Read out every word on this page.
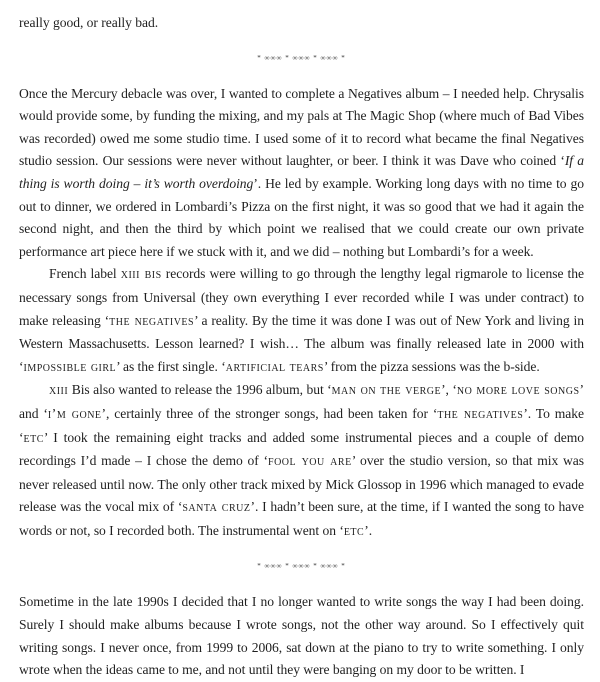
really good, or really bad.

* ∞∞∞ * ∞∞∞ * ∞∞∞ *

Once the Mercury debacle was over, I wanted to complete a Negatives album – I needed help. Chrysalis would provide some, by funding the mixing, and my pals at The Magic Shop (where much of Bad Vibes was recorded) owed me some studio time. I used some of it to record what became the final Negatives studio session. Our sessions were never without laughter, or beer. I think it was Dave who coined ‘If a thing is worth doing – it’s worth overdoing’. He led by example. Working long days with no time to go out to dinner, we ordered in Lombardi’s Pizza on the first night, it was so good that we had it again the second night, and then the third by which point we realised that we could create our own private performance art piece here if we stuck with it, and we did – nothing but Lombardi’s for a week.

French label xiii bis records were willing to go through the lengthy legal rigmarole to license the necessary songs from Universal (they own everything I ever recorded while I was under contract) to make releasing ‘the negatives’ a reality. By the time it was done I was out of New York and living in Western Massachusetts. Lesson learned? I wish… The album was finally released late in 2000 with ‘impossible girl’ as the first single. ‘artificial tears’ from the pizza sessions was the b-side.

xiii Bis also wanted to release the 1996 album, but ‘man on the verge’, ‘no more love songs’ and ‘i’m gone’, certainly three of the stronger songs, had been taken for ‘the negatives’. To make ‘etc’ I took the remaining eight tracks and added some instrumental pieces and a couple of demo recordings I’d made – I chose the demo of ‘fool you are’ over the studio version, so that mix was never released until now. The only other track mixed by Mick Glossop in 1996 which managed to evade release was the vocal mix of ‘santa cruz’. I hadn’t been sure, at the time, if I wanted the song to have words or not, so I recorded both. The instrumental went on ‘etc’.

* ∞∞∞ * ∞∞∞ * ∞∞∞ *

Sometime in the late 1990s I decided that I no longer wanted to write songs the way I had been doing. Surely I should make albums because I wrote songs, not the other way around. So I effectively quit writing songs. I never once, from 1999 to 2006, sat down at the piano to try to write something. I only wrote when the ideas came to me, and not until they were banging on my door to be written. I
